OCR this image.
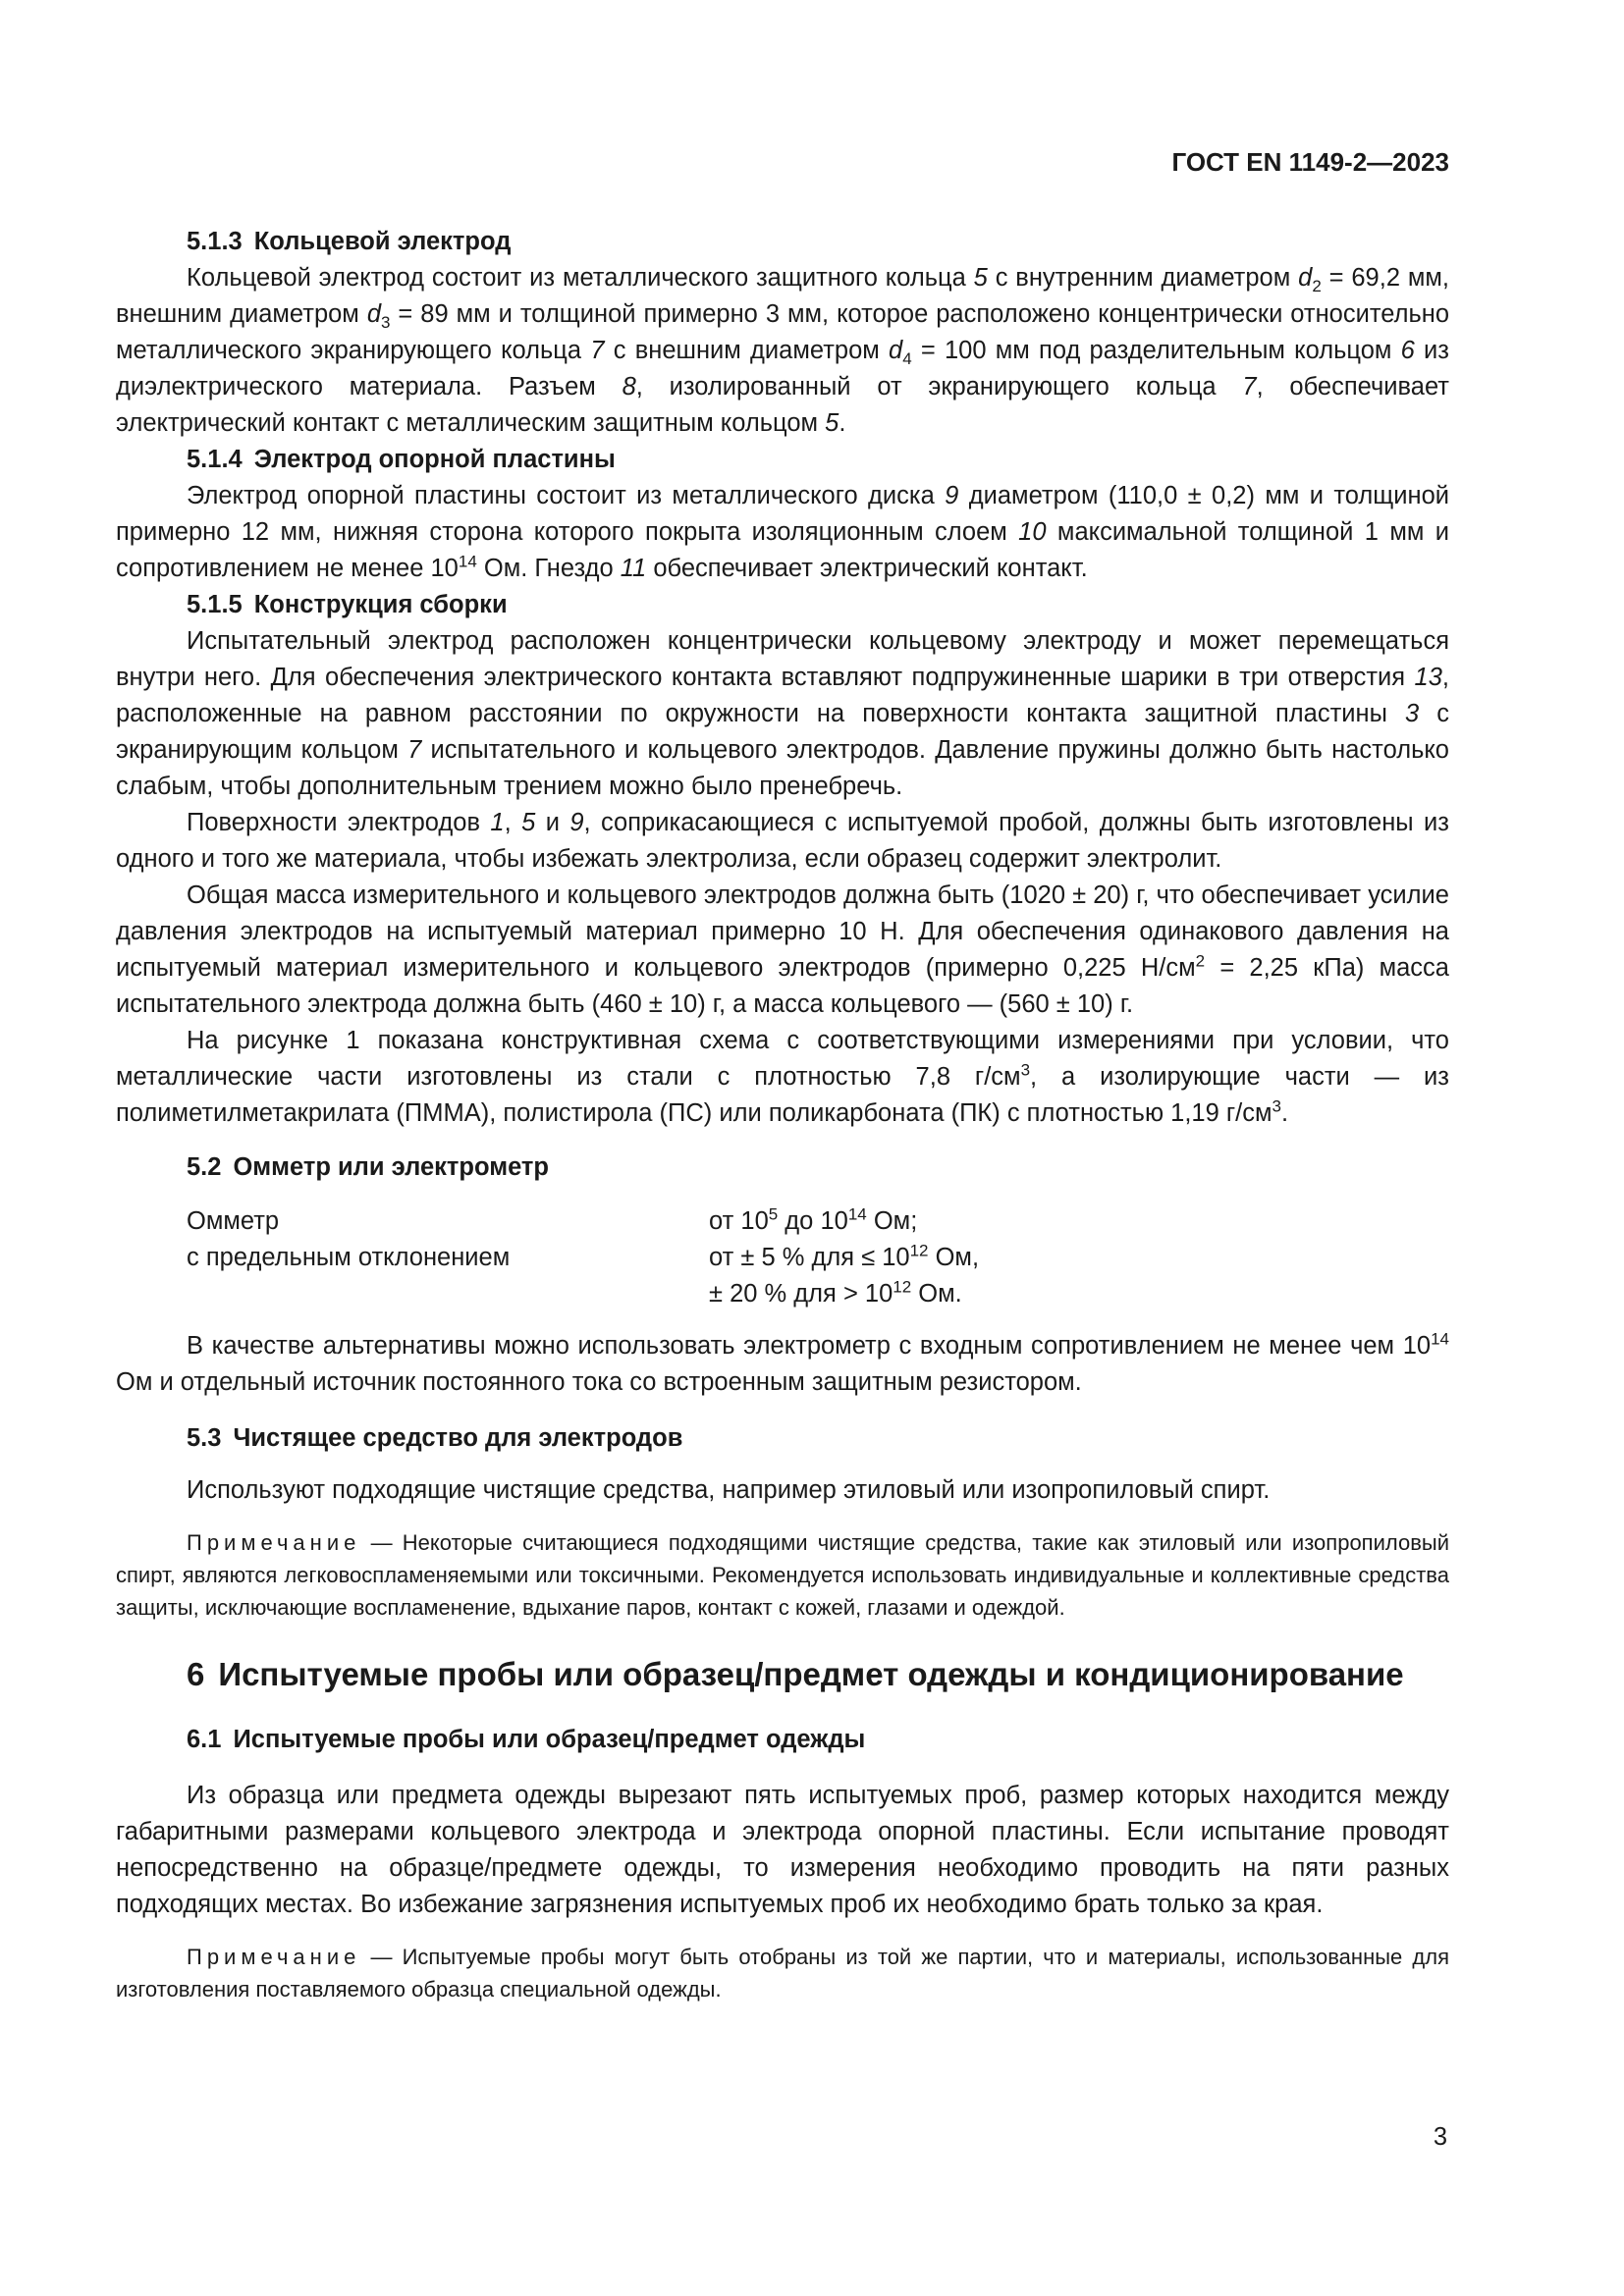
ГОСТ EN 1149-2—2023

5.1.3 Кольцевой электрод

Кольцевой электрод состоит из металлического защитного кольца 5 с внутренним диаметром $d_2 = 69,2$ мм, внешним диаметром $d_3 = 89$ мм и толщиной примерно 3 мм, которое расположено концентрически относительно металлического экранирующего кольца 7 с внешним диаметром $d_4 = 100$ мм под разделительным кольцом 6 из диэлектрического материала. Разъем 8, изолированный от экранирующего кольца 7, обеспечивает электрический контакт с металлическим защитным кольцом 5.

5.1.4 Электрод опорной пластины

Электрод опорной пластины состоит из металлического диска 9 диаметром (110,0 ± 0,2) мм и толщиной примерно 12 мм, нижняя сторона которого покрыта изоляционным слоем 10 максимальной толщиной 1 мм и сопротивлением не менее $10^{14}$ Ом. Гнездо 11 обеспечивает электрический контакт.

5.1.5 Конструкция сборки

Испытательный электрод расположен концентрически кольцевому электроду и может перемещаться внутри него. Для обеспечения электрического контакта вставляют подпружиненные шарики в три отверстия 13, расположенные на равном расстоянии по окружности на поверхности контакта защитной пластины 3 с экранирующим кольцом 7 испытательного и кольцевого электродов. Давление пружины должно быть настолько слабым, чтобы дополнительным трением можно было пренебречь.

Поверхности электродов 1, 5 и 9, соприкасающиеся с испытуемой пробой, должны быть изготовлены из одного и того же материала, чтобы избежать электролиза, если образец содержит электролит.

Общая масса измерительного и кольцевого электродов должна быть (1020 ± 20) г, что обеспечивает усилие давления электродов на испытуемый материал примерно 10 Н. Для обеспечения одинакового давления на испытуемый материал измерительного и кольцевого электродов (примерно 0,225 $Н/см^2 = 2,25$ кПа) масса испытательного электрода должна быть (460 ± 10) г, а масса кольцевого — (560 ± 10) г.

На рисунке 1 показана конструктивная схема с соответствующими измерениями при условии, что металлические части изготовлены из стали с плотностью 7,8 $г/см^3$, а изолирующие части — из полиметилметакрилата (ПММА), полистирола (ПС) или поликарбоната (ПК) с плотностью 1,19 $г/см^3$.

5.2 Омметр или электрометр

Омметр	от $10^5$ до $10^{14}$ Ом;
с предельным отклонением	от ± 5 % для ≤ $10^{12}$ Ом,
± 20 % для > $10^{12}$ Ом.

В качестве альтернативы можно использовать электрометр с входным сопротивлением не менее чем $10^{14}$ Ом и отдельный источник постоянного тока со встроенным защитным резистором.

5.3 Чистящее средство для электродов

Используют подходящие чистящие средства, например этиловый или изопропиловый спирт.

Примечание — Некоторые считающиеся подходящими чистящие средства, такие как этиловый или изопропиловый спирт, являются легковоспламеняемыми или токсичными. Рекомендуется использовать индивидуальные и коллективные средства защиты, исключающие воспламенение, вдыхание паров, контакт с кожей, глазами и одеждой.

6 Испытуемые пробы или образец/предмет одежды и кондиционирование

6.1 Испытуемые пробы или образец/предмет одежды

Из образца или предмета одежды вырезают пять испытуемых проб, размер которых находится между габаритными размерами кольцевого электрода и электрода опорной пластины. Если испытание проводят непосредственно на образце/предмете одежды, то измерения необходимо проводить на пяти разных подходящих местах. Во избежание загрязнения испытуемых проб их необходимо брать только за края.

Примечание — Испытуемые пробы могут быть отобраны из той же партии, что и материалы, использованные для изготовления поставляемого образца специальной одежды.

3
